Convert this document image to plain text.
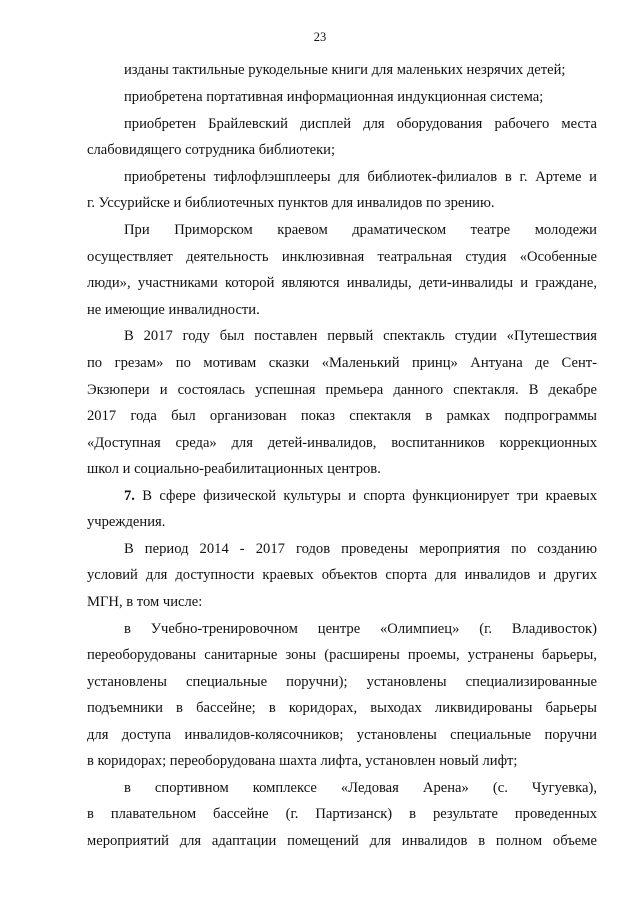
23
изданы тактильные рукодельные книги для маленьких незрячих детей;
приобретена портативная информационная индукционная система;
приобретен Брайлевский дисплей для оборудования рабочего места
слабовидящего сотрудника библиотеки;
приобретены тифлофлэшплееры для библиотек-филиалов в г. Артеме и
г. Уссурийске и библиотечных пунктов для инвалидов по зрению.
При Приморском краевом драматическом театре молодежи
осуществляет деятельность инклюзивная театральная студия «Особенные
люди», участниками которой являются инвалиды, дети-инвалиды и граждане,
не имеющие инвалидности.
В 2017 году был поставлен первый спектакль студии «Путешествия
по грезам» по мотивам сказки «Маленький принц» Антуана де Сент-
Экзюпери и состоялась успешная премьера данного спектакля. В декабре
2017 года был организован показ спектакля в рамках подпрограммы
«Доступная среда» для детей-инвалидов, воспитанников коррекционных
школ и социально-реабилитационных центров.
7. В сфере физической культуры и спорта функционирует три краевых
учреждения.
В период 2014 - 2017 годов проведены мероприятия по созданию
условий для доступности краевых объектов спорта для инвалидов и других
МГН, в том числе:
в Учебно-тренировочном центре «Олимпиец» (г. Владивосток)
переоборудованы санитарные зоны (расширены проемы, устранены барьеры,
установлены специальные поручни); установлены специализированные
подъемники в бассейне; в коридорах, выходах ликвидированы барьеры
для доступа инвалидов-колясочников; установлены специальные поручни
в коридорах; переоборудована шахта лифта, установлен новый лифт;
в спортивном комплексе «Ледовая Арена» (с. Чугуевка),
в плавательном бассейне (г. Партизанск) в результате проведенных
мероприятий для адаптации помещений для инвалидов в полном объеме
